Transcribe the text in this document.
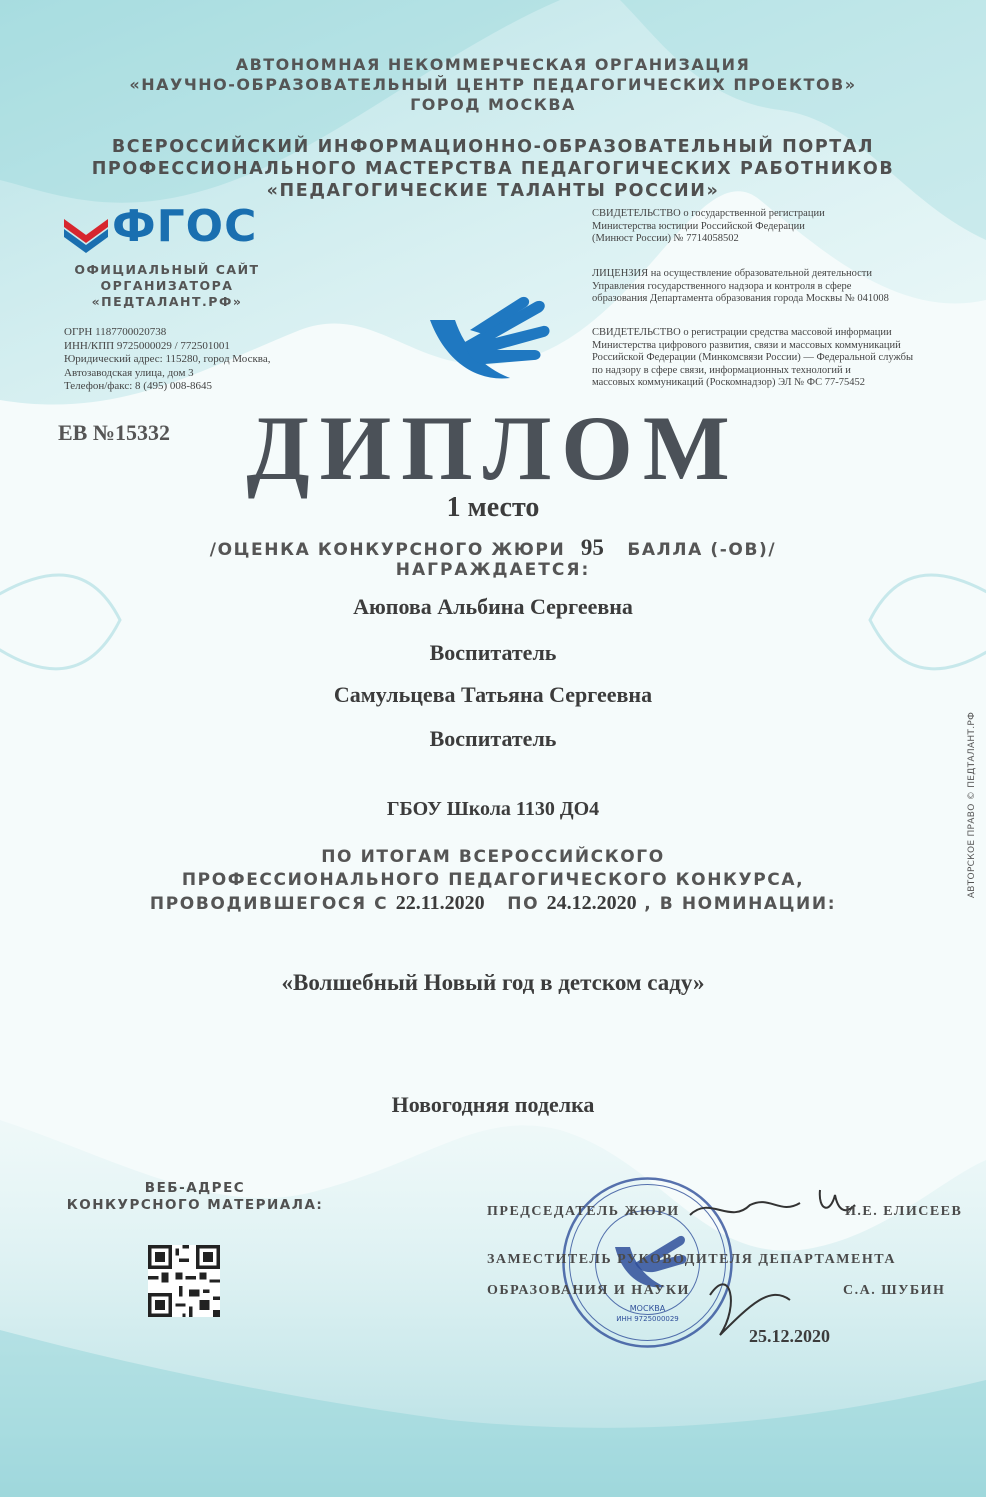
АВТОНОМНАЯ НЕКОММЕРЧЕСКАЯ ОРГАНИЗАЦИЯ
«НАУЧНО-ОБРАЗОВАТЕЛЬНЫЙ ЦЕНТР ПЕДАГОГИЧЕСКИХ ПРОЕКТОВ»
ГОРОД МОСКВА
ВСЕРОССИЙСКИЙ ИНФОРМАЦИОННО-ОБРАЗОВАТЕЛЬНЫЙ ПОРТАЛ
ПРОФЕССИОНАЛЬНОГО МАСТЕРСТВА ПЕДАГОГИЧЕСКИХ РАБОТНИКОВ
«ПЕДАГОГИЧЕСКИЕ ТАЛАНТЫ РОССИИ»
ФГОС
ОФИЦИАЛЬНЫЙ САЙТ
ОРГАНИЗАТОРА
«ПЕДТАЛАНТ.РФ»
ОГРН 1187700020738
ИНН/КПП 9725000029 / 772501001
Юридический адрес: 115280, город Москва,
Автозаводская улица, дом 3
Телефон/факс: 8 (495) 008-8645
СВИДЕТЕЛЬСТВО о государственной регистрации
Министерства юстиции Российской Федерации
(Минюст России) № 7714058502
ЛИЦЕНЗИЯ на осуществление образовательной деятельности
Управления государственного надзора и контроля в сфере
образования Департамента образования города Москвы № 041008
СВИДЕТЕЛЬСТВО о регистрации средства массовой информации
Министерства цифрового развития, связи и массовых коммуникаций
Российской Федерации (Минкомсвязи России) — Федеральной службы
по надзору в сфере связи, информационных технологий и
массовых коммуникаций (Роскомнадзор) ЭЛ № ФС 77-75452
ЕВ №15332 ДИПЛОМ
1 место
/ОЦЕНКА КОНКУРСНОГО ЖЮРИ 95 БАЛЛА (-ОВ)/
НАГРАЖДАЕТСЯ:
Аюпова Альбина Сергеевна
Воспитатель
Самульцева Татьяна Сергеевна
Воспитатель
ГБОУ Школа 1130 ДО4
ПО ИТОГАМ ВСЕРОССИЙСКОГО
ПРОФЕССИОНАЛЬНОГО ПЕДАГОГИЧЕСКОГО КОНКУРСА,
ПРОВОДИВШЕГОСЯ С 22.11.2020 ПО 24.12.2020 , В НОМИНАЦИИ:
«Волшебный Новый год в детском саду»
Новогодняя поделка
ВЕБ-АДРЕС
КОНКУРСНОГО МАТЕРИАЛА:
МОСКВА
ИНН 9725000029
ПРЕДСЕДАТЕЛЬ ЖЮРИ	И.Е. ЕЛИСЕЕВ
ЗАМЕСТИТЕЛЬ РУКОВОДИТЕЛЯ ДЕПАРТАМЕНТА
ОБРАЗОВАНИЯ И НАУКИ	С.А. ШУБИН
25.12.2020
АВТОРСКОЕ ПРАВО © ПЕДТАЛАНТ.РФ
